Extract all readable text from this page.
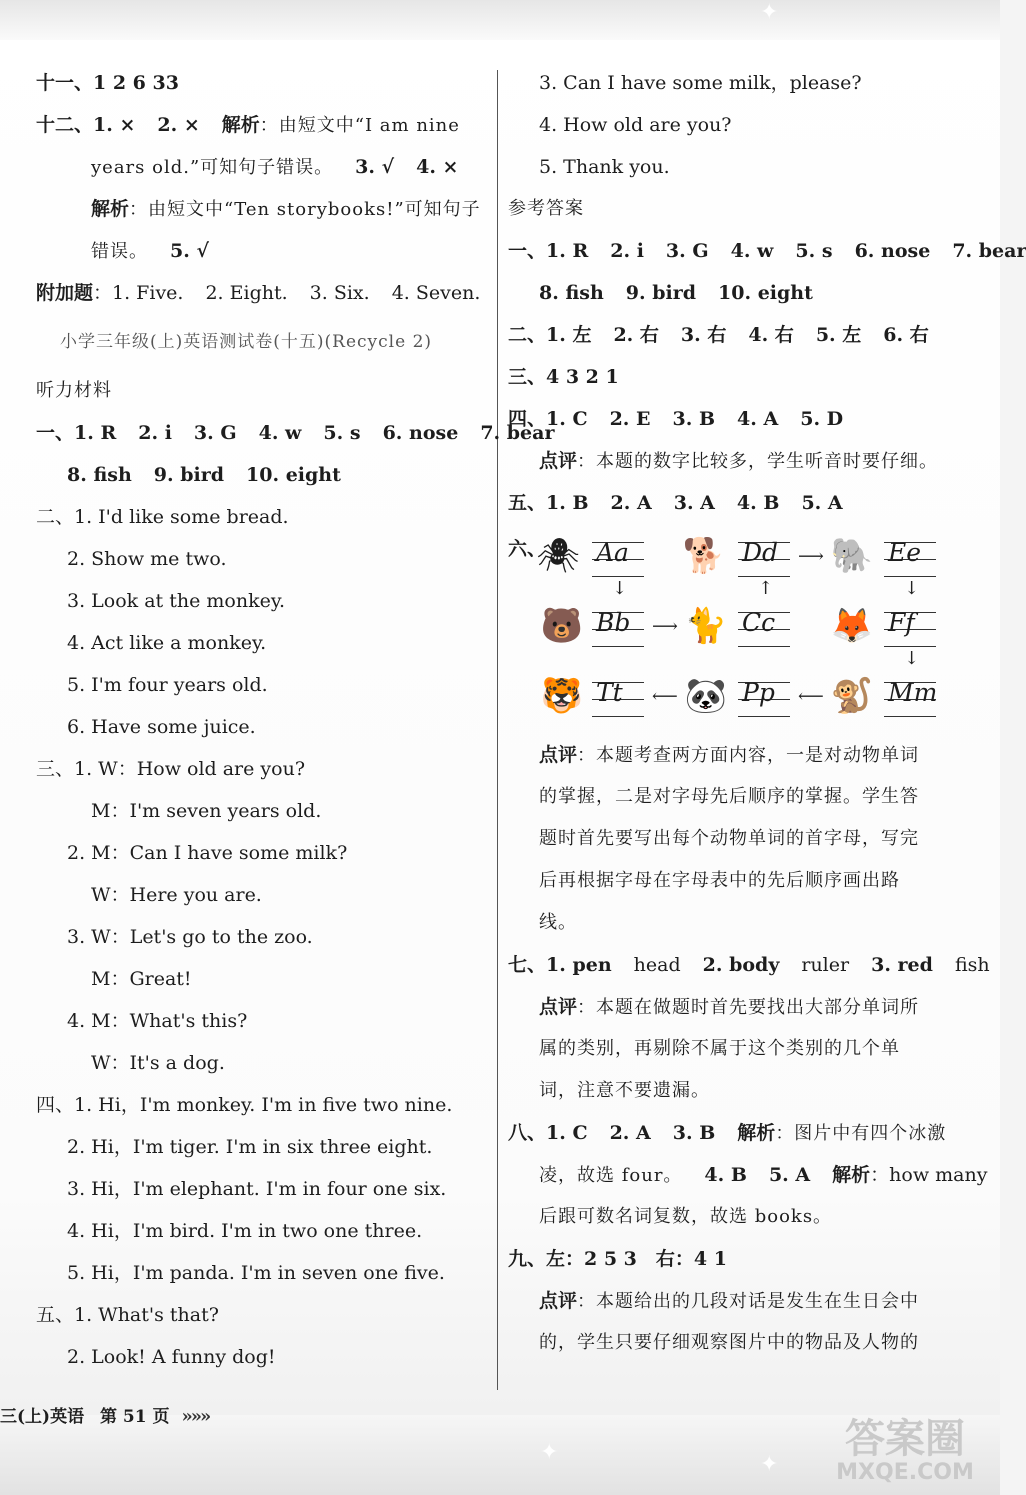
✦
✦	✦
十一、1 2 6 33
十二、1. × 2. × 解析：由短文中“I am nine
years old.”可知句子错误。 3. √ 4. ×
解析：由短文中“Ten storybooks!”可知句子
错误。 5. √
附加题：1. Five. 2. Eight. 3. Six. 4. Seven.
小学三年级(上)英语测试卷(十五)(Recycle 2)
听力材料
一、1. R 2. i 3. G 4. w 5. s 6. nose 7. bear
8. fish 9. bird 10. eight
二、1. I'd like some bread.
2. Show me two.
3. Look at the monkey.
4. Act like a monkey.
5. I'm four years old.
6. Have some juice.
三、1. W：How old are you?
M：I'm seven years old.
2. M：Can I have some milk?
W：Here you are.
3. W：Let's go to the zoo.
M：Great!
4. M：What's this?
W：It's a dog.
四、1. Hi，I'm monkey. I'm in five two nine.
2. Hi，I'm tiger. I'm in six three eight.
3. Hi，I'm elephant. I'm in four one six.
4. Hi，I'm bird. I'm in two one three.
5. Hi，I'm panda. I'm in seven one five.
五、1. What's that?
2. Look! A funny dog!
3. Can I have some milk，please?
4. How old are you?
5. Thank you.
参考答案
一、1. R 2. i 3. G 4. w 5. s 6. nose 7. bear
8. fish 9. bird 10. eight
二、1. 左 2. 右 3. 右 4. 右 5. 左 6. 右
三、4 3 2 1
四、1. C 2. E 3. B 4. A 5. D
点评：本题的数字比较多，学生听音时要仔细。
五、1. B 2. A 3. A 4. B 5. A
六、
🕷 Aa 🐕 Dd ⟶ 🐘 Ee
↓	↑	↓
🐻 Bb ⟶ 🐈 Cc 🦊 Ff
↓
🐯 Tt ⟵ 🐼 Pp ⟵ 🐒 Mm
点评：本题考查两方面内容，一是对动物单词
的掌握，二是对字母先后顺序的掌握。学生答
题时首先要写出每个动物单词的首字母，写完
后再根据字母在字母表中的先后顺序画出路
线。
七、1. pen head 2. body ruler 3. red fish
点评：本题在做题时首先要找出大部分单词所
属的类别，再剔除不属于这个类别的几个单
词，注意不要遗漏。
八、1. C 2. A 3. B 解析：图片中有四个冰激
凌，故选 four。 4. B 5. A 解析：how many
后跟可数名词复数，故选 books。
九、左：2 5 3　右：4 1
点评：本题给出的几段对话是发生在生日会中
的，学生只要仔细观察图片中的物品及人物的
三(上)英语 第 51 页 »»»	答案圈
MXQE.COM
